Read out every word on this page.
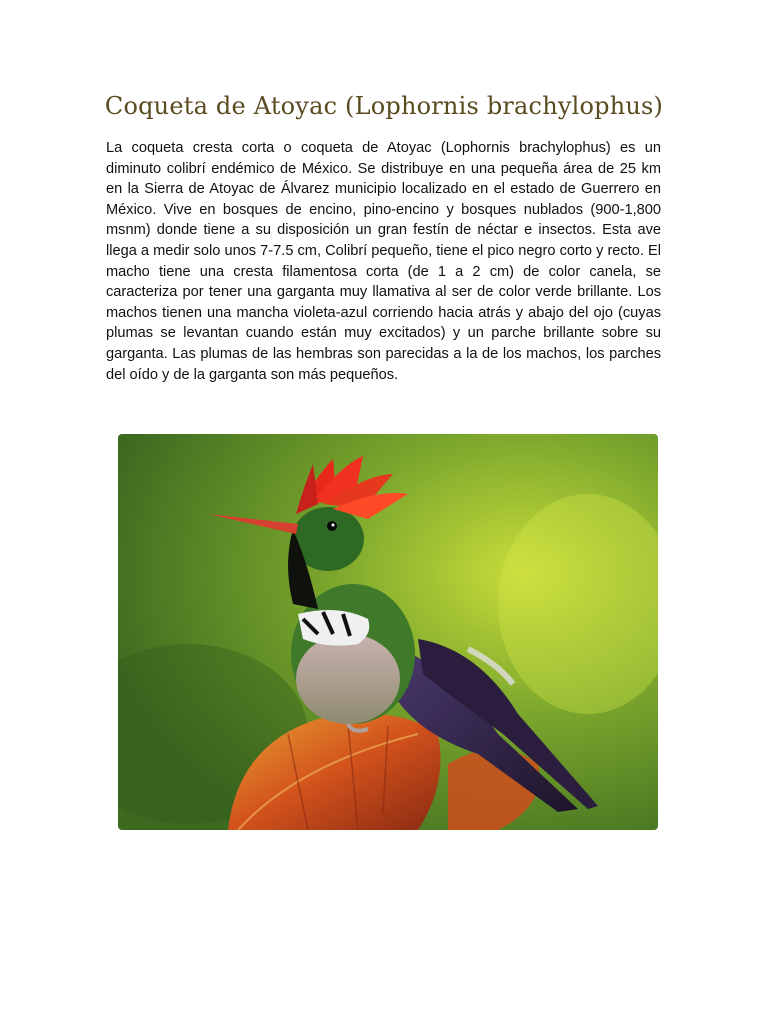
Coqueta de Atoyac (Lophornis brachylophus)

La coqueta cresta corta o coqueta de Atoyac (Lophornis brachylophus) es un diminuto colibrí endémico de México. Se distribuye en una pequeña área de 25 km en la Sierra de Atoyac de Álvarez municipio localizado en el estado de Guerrero en México. Vive en bosques de encino, pino-encino y bosques nublados (900-1,800 msnm) donde tiene a su disposición un gran festín de néctar e insectos. Esta ave llega a medir solo unos 7-7.5 cm, Colibrí pequeño, tiene el pico negro corto y recto. El macho tiene una cresta filamentosa corta (de 1 a 2 cm) de color canela, se caracteriza por tener una garganta muy llamativa al ser de color verde brillante. Los machos tienen una mancha violeta-azul corriendo hacia atrás y abajo del ojo (cuyas plumas se levantan cuando están muy excitados) y un parche brillante sobre su garganta. Las plumas de las hembras son parecidas a la de los machos, los parches del oído y de la garganta son más pequeños.
